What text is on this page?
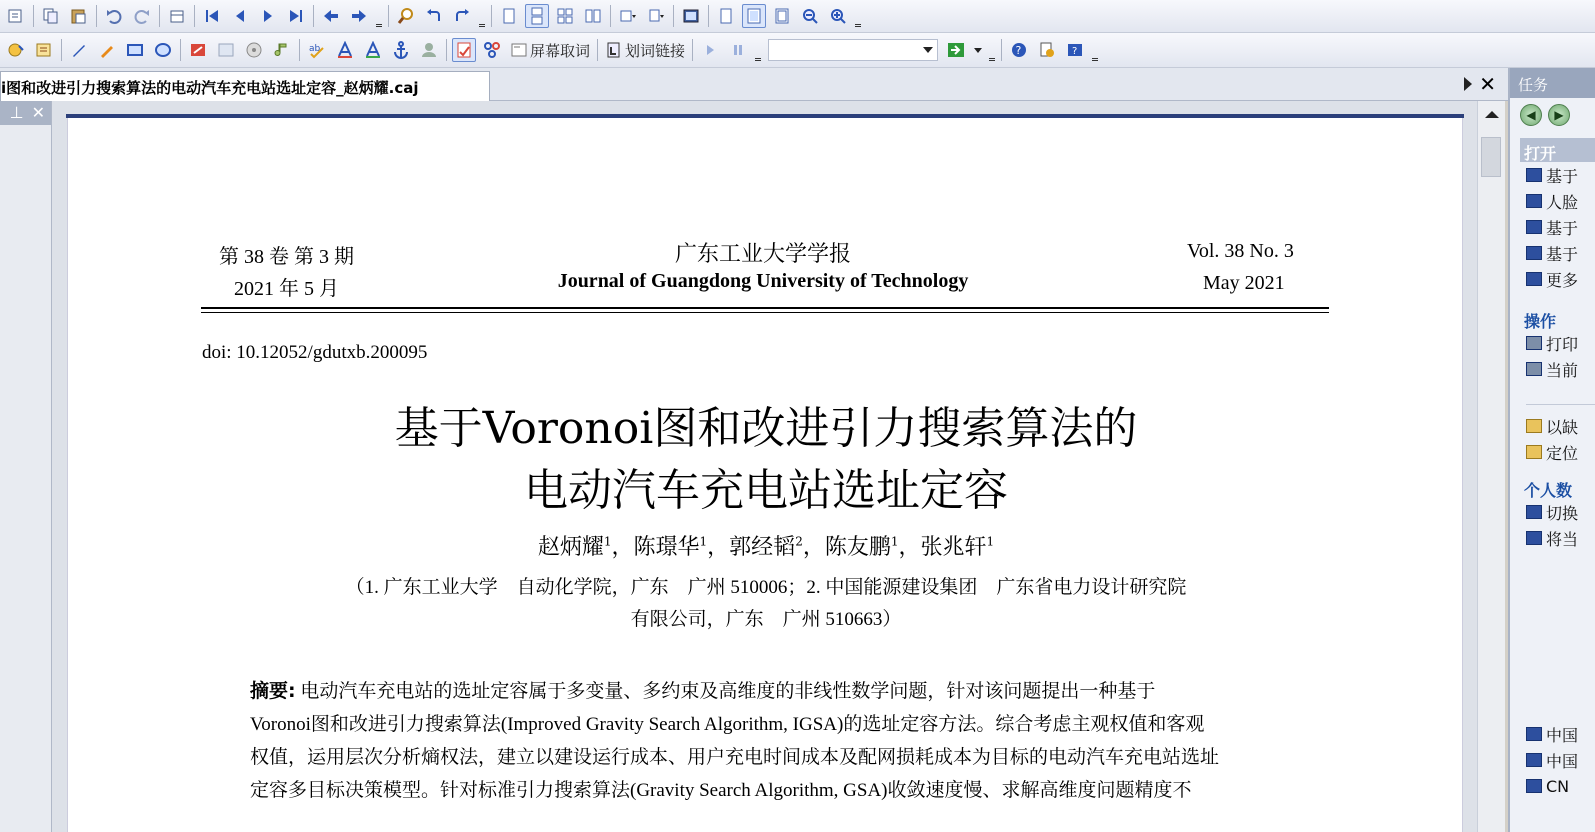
ab	屏幕取词 划词链接	?	?
i图和改进引力搜索算法的电动汽车充电站选址定容_赵炳耀.caj	✕
⊥ ✕
第 38 卷 第 3 期
2021 年 5 月
广东工业大学学报
Journal of Guangdong University of Technology
Vol. 38 No. 3
May 2021
doi: 10.12052/gdutxb.200095
基于Voronoi图和改进引力搜索算法的
电动汽车充电站选址定容
赵炳耀$^1$，陈璟华$^1$，郭经韬$^2$，陈友鹏$^1$，张兆轩$^1$
（1. 广东工业大学　自动化学院，广东　广州 510006；2. 中国能源建设集团　广东省电力设计研究院
有限公司，广东　广州 510663）
摘要: 电动汽车充电站的选址定容属于多变量、多约束及高维度的非线性数学问题，针对该问题提出一种基于
Voronoi图和改进引力搜索算法(Improved Gravity Search Algorithm, IGSA)的选址定容方法。综合考虑主观权值和客观
权值，运用层次分析熵权法，建立以建设运行成本、用户充电时间成本及配网损耗成本为目标的电动汽车充电站选址
定容多目标决策模型。针对标准引力搜索算法(Gravity Search Algorithm, GSA)收敛速度慢、求解高维度问题精度不
任务
◀	▶
打开
基于
人脸
基于
基于
更多
操作
打印
当前
以缺
定位
个人数
切换
将当
中国
中国
CN
